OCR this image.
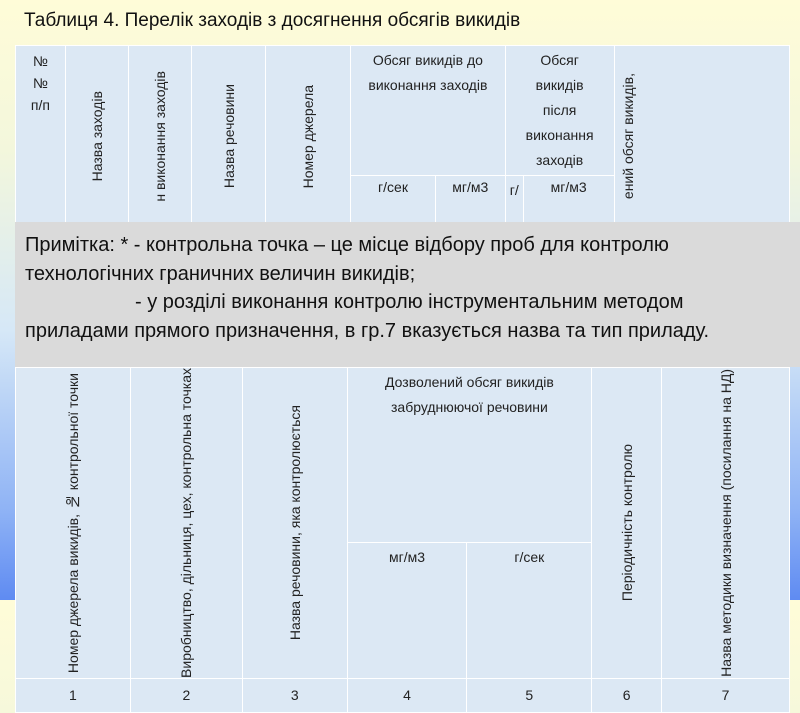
Таблиця 4. Перелік заходів з досягнення обсягів викидів
№
№
п/п	Назва заходів	н виконання заходів	Назва речовини	Номер джерела	Обсяг викидів до виконання заходів		Обсяг викидів після виконання заходів		ений обсяг викидів,

					г/сек	мг/м3	г/	мг/м3	

Примітка: * - контрольна точка – це місце відбору проб для контролю технологічних граничних величин викидів;

- у розділі виконання контролю інструментальним методом приладами прямого призначення, в гр.7 вказується назва та тип приладу.

Номер джерела викидів, № контрольної точки	Виробництво, дільниця, цех, контрольна точках	Назва речовини, яка контролюється	Дозволений обсяг викидів забруднюючої речовини		Періодичність контролю	Назва методики визначення (посилання на НД)

			мг/м3	г/сек		
1	2	3	4	5	6	7
